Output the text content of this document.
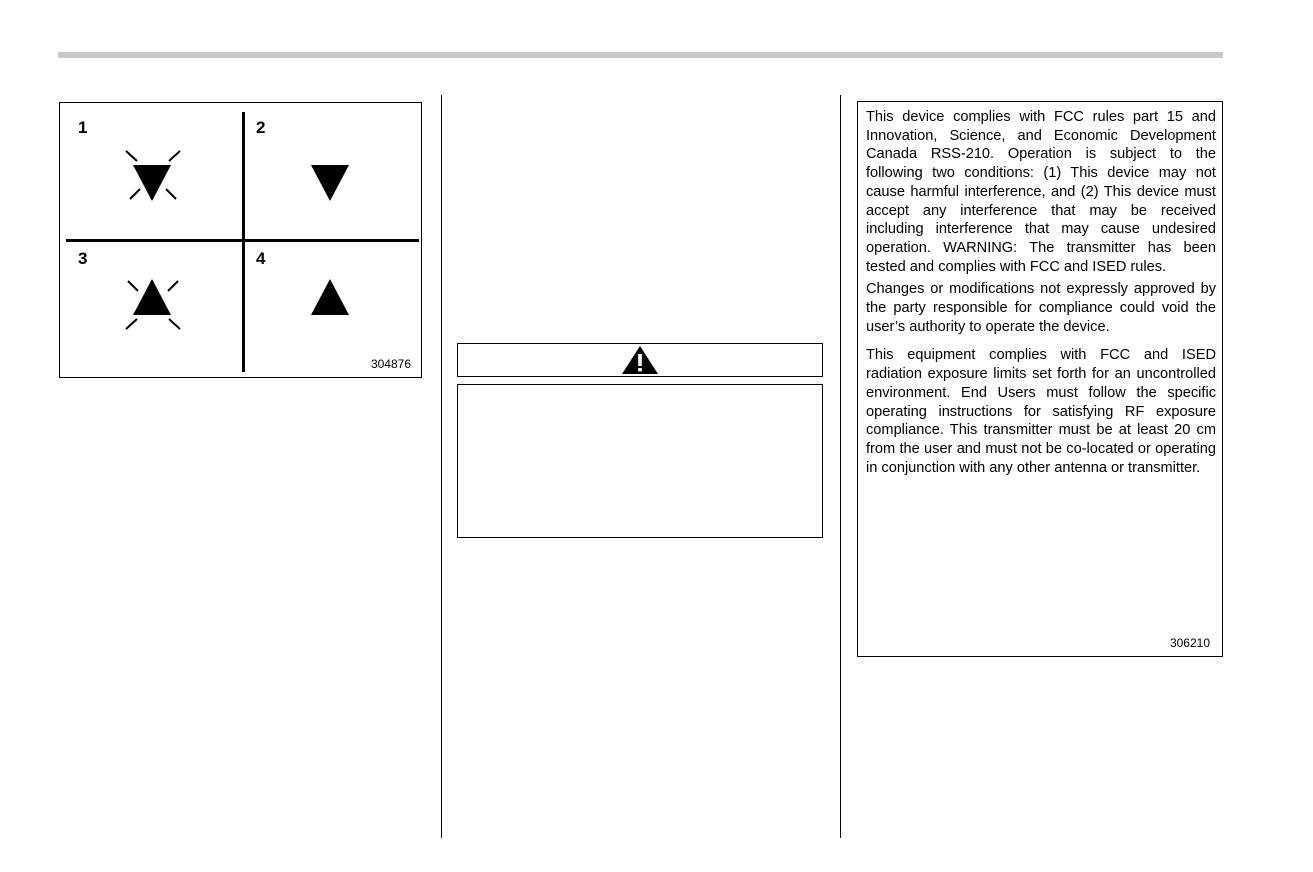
1	2
3	4
304876

This device complies with FCC rules part 15 and Innovation, Science, and Economic Development Canada RSS-210. Operation is subject to the following two conditions: (1) This device may not cause harmful interference, and (2) This device must accept any interference that may be received including interference that may cause undesired operation. WARNING: The transmitter has been tested and complies with FCC and ISED rules.

Changes or modifications not expressly approved by the party responsible for compliance could void the user’s authority to operate the device.

This equipment complies with FCC and ISED radiation exposure limits set forth for an uncontrolled environment. End Users must follow the specific operating instructions for satisfying RF exposure compliance. This transmitter must be at least 20 cm from the user and must not be co-located or operating in conjunction with any other antenna or transmitter.

306210
